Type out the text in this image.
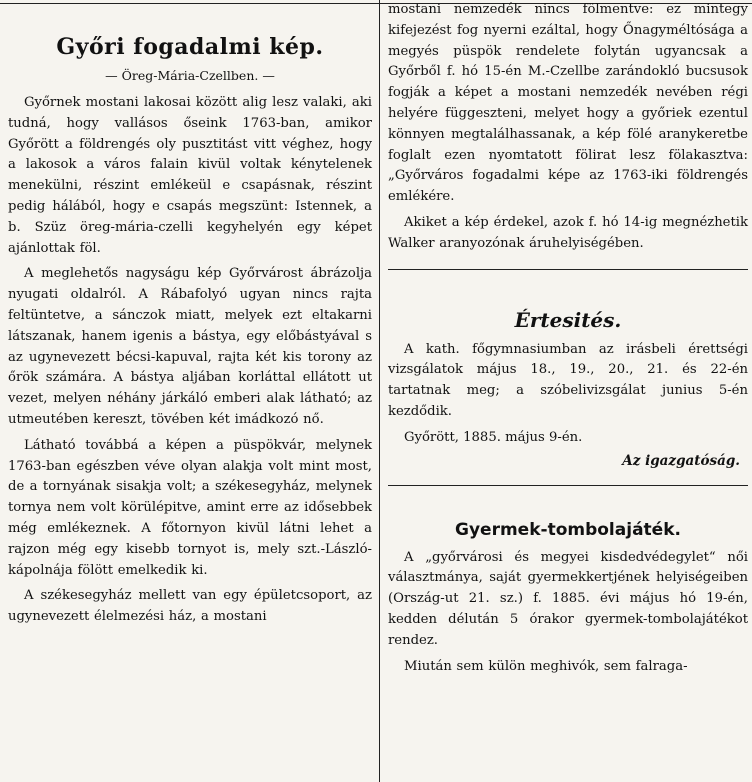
Győri fogadalmi kép.
— Öreg-Mária-Czellben. —

Győrnek mostani lakosai között alig lesz valaki, aki tudná, hogy vallásos őseink 1763-ban, amikor Győrött a földrengés oly pusztitást vitt véghez, hogy a lakosok a város falain kivül voltak kénytelenek menekülni, részint emlékeül e csapásnak, részint pedig hálából, hogy e csapás megszünt: Istennek, a b. Szüz öreg-mária-czelli kegyhelyén egy képet ajánlottak föl.

A meglehetős nagyságu kép Győrvárost ábrázolja nyugati oldalról. A Rábafolyó ugyan nincs rajta feltüntetve, a sánczok miatt, melyek ezt eltakarni látszanak, hanem igenis a bástya, egy előbástyával s az ugynevezett bécsi-kapuval, rajta két kis torony az őrök számára. A bástya aljában korláttal ellátott ut vezet, melyen néhány járkáló emberi alak látható; az utmeutében kereszt, tövében két imádkozó nő.

Látható továbbá a képen a püspökvár, melynek 1763-ban egészben véve olyan alakja volt mint most, de a tornyának sisakja volt; a székesegyház, melynek tornya nem volt körülépitve, amint erre az idősebbek még emlékeznek. A főtornyon kivül látni lehet a rajzon még egy kisebb tornyot is, mely szt.-László-kápolnája fölött emelkedik ki.

A székesegyház mellett van egy épületcsoport, az ugynevezett élelmezési ház, a mostani

mostani nemzedék nincs fölmentve: ez mintegy kifejezést fog nyerni ezáltal, hogy Őnagyméltósága a megyés püspök rendelete folytán ugyancsak a Győrből f. hó 15-én M.-Czellbe zarándokló bucsusok fogják a képet a mostani nemzedék nevében régi helyére függeszteni, melyet hogy a győriek ezentul könnyen megtalálhassanak, a kép fölé aranykeretbe foglalt ezen nyomtatott fölirat lesz fölakasztva: „Győrváros fogadalmi képe az 1763-iki földrengés emlékére.

Akiket a kép érdekel, azok f. hó 14-ig megnézhetik Walker aranyozónak áruhelyiségében.

Értesités.

A kath. főgymnasiumban az irásbeli érettségi vizsgálatok május 18., 19., 20., 21. és 22-én tartatnak meg; a szóbelivizsgálat junius 5-én kezdődik.

Győrött, 1885. május 9-én.

Az igazgatóság.
Gyermek-tombolajáték.

A „győrvárosi és megyei kisdedvédegylet“ női választmánya, saját gyermekkertjének helyiségeiben (Ország-ut 21. sz.) f. 1885. évi május hó 19-én, kedden délután 5 órakor gyermek-tombolajátékot rendez.

Miután sem külön meghivók, sem falraga-
